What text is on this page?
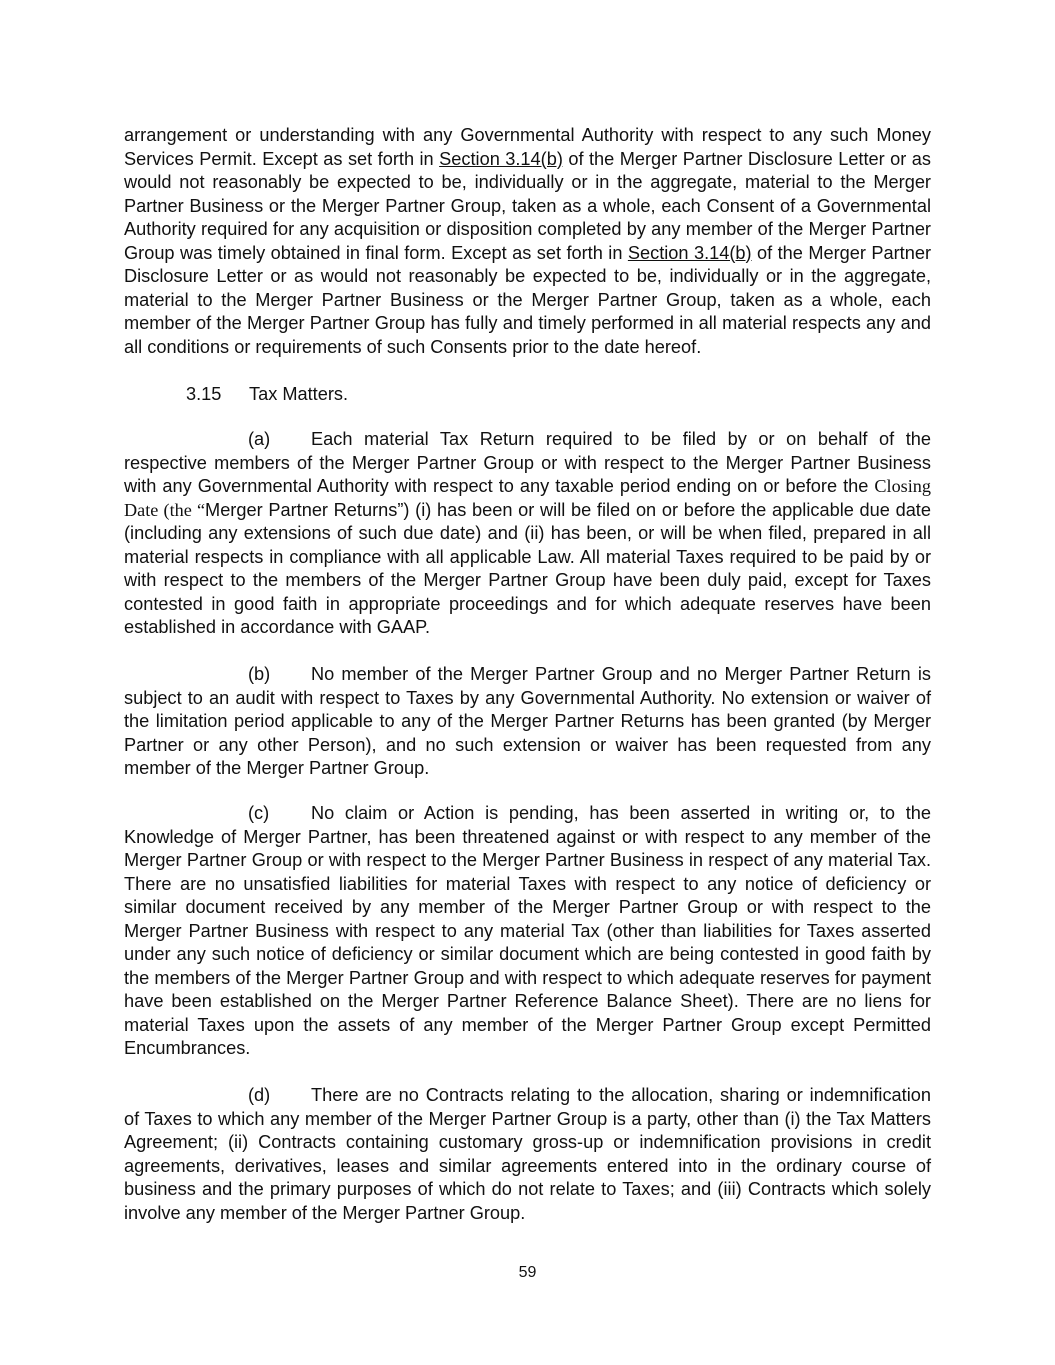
arrangement or understanding with any Governmental Authority with respect to any such Money Services Permit. Except as set forth in Section 3.14(b) of the Merger Partner Disclosure Letter or as would not reasonably be expected to be, individually or in the aggregate, material to the Merger Partner Business or the Merger Partner Group, taken as a whole, each Consent of a Governmental Authority required for any acquisition or disposition completed by any member of the Merger Partner Group was timely obtained in final form. Except as set forth in Section 3.14(b) of the Merger Partner Disclosure Letter or as would not reasonably be expected to be, individually or in the aggregate, material to the Merger Partner Business or the Merger Partner Group, taken as a whole, each member of the Merger Partner Group has fully and timely performed in all material respects any and all conditions or requirements of such Consents prior to the date hereof.

3.15 Tax Matters.

(a) Each material Tax Return required to be filed by or on behalf of the respective members of the Merger Partner Group or with respect to the Merger Partner Business with any Governmental Authority with respect to any taxable period ending on or before the Closing Date (the “Merger Partner Returns”) (i) has been or will be filed on or before the applicable due date (including any extensions of such due date) and (ii) has been, or will be when filed, prepared in all material respects in compliance with all applicable Law. All material Taxes required to be paid by or with respect to the members of the Merger Partner Group have been duly paid, except for Taxes contested in good faith in appropriate proceedings and for which adequate reserves have been established in accordance with GAAP.

(b) No member of the Merger Partner Group and no Merger Partner Return is subject to an audit with respect to Taxes by any Governmental Authority. No extension or waiver of the limitation period applicable to any of the Merger Partner Returns has been granted (by Merger Partner or any other Person), and no such extension or waiver has been requested from any member of the Merger Partner Group.

(c) No claim or Action is pending, has been asserted in writing or, to the Knowledge of Merger Partner, has been threatened against or with respect to any member of the Merger Partner Group or with respect to the Merger Partner Business in respect of any material Tax. There are no unsatisfied liabilities for material Taxes with respect to any notice of deficiency or similar document received by any member of the Merger Partner Group or with respect to the Merger Partner Business with respect to any material Tax (other than liabilities for Taxes asserted under any such notice of deficiency or similar document which are being contested in good faith by the members of the Merger Partner Group and with respect to which adequate reserves for payment have been established on the Merger Partner Reference Balance Sheet). There are no liens for material Taxes upon the assets of any member of the Merger Partner Group except Permitted Encumbrances.

(d) There are no Contracts relating to the allocation, sharing or indemnification of Taxes to which any member of the Merger Partner Group is a party, other than (i) the Tax Matters Agreement; (ii) Contracts containing customary gross-up or indemnification provisions in credit agreements, derivatives, leases and similar agreements entered into in the ordinary course of business and the primary purposes of which do not relate to Taxes; and (iii) Contracts which solely involve any member of the Merger Partner Group.

59
